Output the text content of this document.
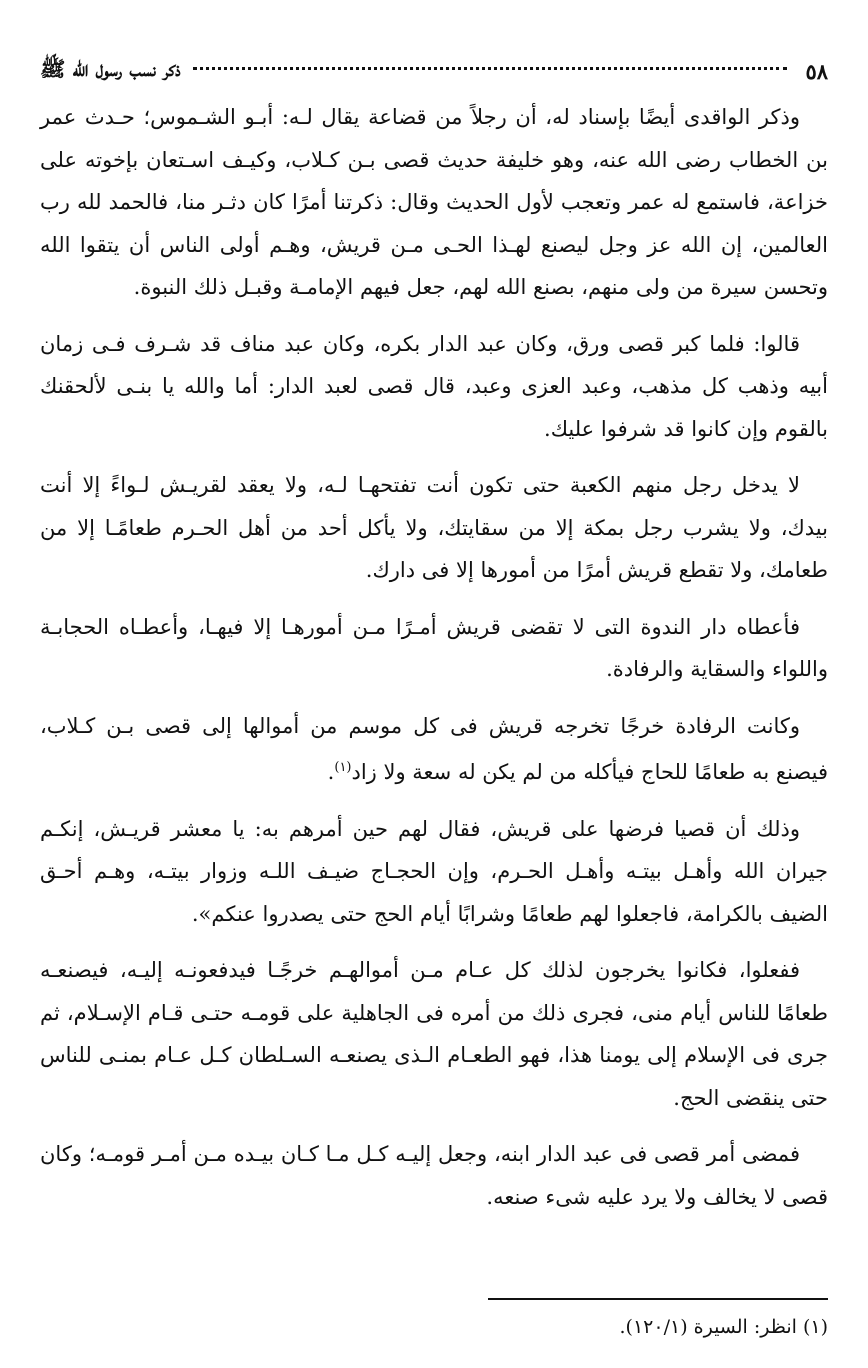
٥٨
ذكر نسب رسول الله ﷺ

وذكر الواقدى أيضًا بإسناد له، أن رجلاً من قضاعة يقال لـه: أبـو الشـموس؛ حـدث عمر بن الخطاب رضى الله عنه، وهو خليفة حديث قصى بـن كـلاب، وكيـف اسـتعان بإخوته على خزاعة، فاستمع له عمر وتعجب لأول الحديث وقال: ذكرتنا أمرًا كان دثـر منا، فالحمد لله رب العالمين، إن الله عز وجل ليصنع لهـذا الحـى مـن قريش، وهـم أولى الناس أن يتقوا الله وتحسن سيرة من ولى منهم، بصنع الله لهم، جعل فيهم الإمامـة وقبـل ذلك النبوة.

قالوا: فلما كبر قصى ورق، وكان عبد الدار بكره، وكان عبد مناف قد شـرف فـى زمان أبيه وذهب كل مذهب، وعبد العزى وعبد، قال قصى لعبد الدار: أما والله يا بنـى لألحقنك بالقوم وإن كانوا قد شرفوا عليك.

لا يدخل رجل منهم الكعبة حتى تكون أنت تفتحهـا لـه، ولا يعقد لقريـش لـواءً إلا أنت بيدك، ولا يشرب رجل بمكة إلا من سقايتك، ولا يأكل أحد من أهل الحـرم طعامًـا إلا من طعامك، ولا تقطع قريش أمرًا من أمورها إلا فى دارك.

فأعطاه دار الندوة التى لا تقضى قريش أمـرًا مـن أمورهـا إلا فيهـا، وأعطـاه الحجابـة واللواء والسقاية والرفادة.

وكانت الرفادة خرجًا تخرجه قريش فى كل موسم من أموالها إلى قصى بـن كـلاب، فيصنع به طعامًا للحاج فيأكله من لم يكن له سعة ولا زاد$^{(١)}$.

وذلك أن قصيا فرضها على قريش، فقال لهم حين أمرهم به: يا معشر قريـش، إنكـم جيران الله وأهـل بيتـه وأهـل الحـرم، وإن الحجـاج ضيـف اللـه وزوار بيتـه، وهـم أحـق الضيف بالكرامة، فاجعلوا لهم طعامًا وشرابًا أيام الحج حتى يصدروا عنكم».

ففعلوا، فكانوا يخرجون لذلك كل عـام مـن أموالهـم خرجًـا فيدفعونـه إليـه، فيصنعـه طعامًا للناس أيام منى، فجرى ذلك من أمره فى الجاهلية على قومـه حتـى قـام الإسـلام، ثم جرى فى الإسلام إلى يومنا هذا، فهو الطعـام الـذى يصنعـه السـلطان كـل عـام بمنـى للناس حتى ينقضى الحج.

فمضى أمر قصى فى عبد الدار ابنه، وجعل إليـه كـل مـا كـان بيـده مـن أمـر قومـه؛ وكان قصى لا يخالف ولا يرد عليه شىء صنعه.

(١) انظر: السيرة (١٢٠/١).
